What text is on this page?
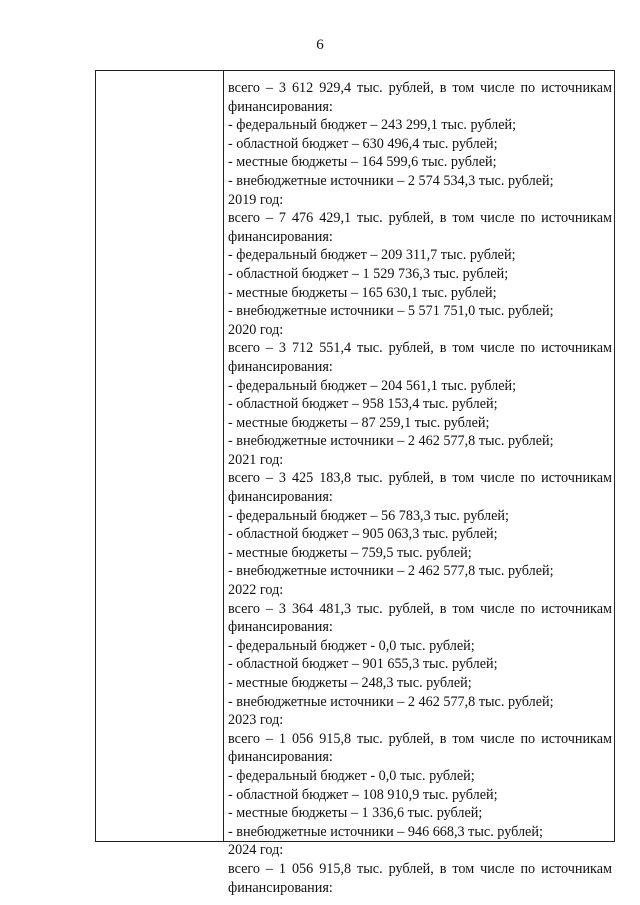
6
всего – 3 612 929,4 тыс. рублей, в том числе по источникам
финансирования:
- федеральный бюджет – 243 299,1 тыс. рублей;
- областной бюджет – 630 496,4 тыс. рублей;
- местные бюджеты – 164 599,6 тыс. рублей;
- внебюджетные источники – 2 574 534,3 тыс. рублей;
2019 год:
всего – 7 476 429,1 тыс. рублей, в том числе по источникам
финансирования:
- федеральный бюджет – 209 311,7 тыс. рублей;
- областной бюджет – 1 529 736,3 тыс. рублей;
- местные бюджеты – 165 630,1 тыс. рублей;
- внебюджетные источники – 5 571 751,0 тыс. рублей;
2020 год:
всего – 3 712 551,4 тыс. рублей, в том числе по источникам
финансирования:
- федеральный бюджет – 204 561,1 тыс. рублей;
- областной бюджет – 958 153,4 тыс. рублей;
- местные бюджеты – 87 259,1 тыс. рублей;
- внебюджетные источники – 2 462 577,8 тыс. рублей;
2021 год:
всего – 3 425 183,8 тыс. рублей, в том числе по источникам
финансирования:
- федеральный бюджет – 56 783,3 тыс. рублей;
- областной бюджет – 905 063,3 тыс. рублей;
- местные бюджеты – 759,5 тыс. рублей;
- внебюджетные источники – 2 462 577,8 тыс. рублей;
2022 год:
всего – 3 364 481,3 тыс. рублей, в том числе по источникам
финансирования:
- федеральный бюджет - 0,0 тыс. рублей;
- областной бюджет – 901 655,3 тыс. рублей;
- местные бюджеты – 248,3 тыс. рублей;
- внебюджетные источники – 2 462 577,8 тыс. рублей;
2023 год:
всего – 1 056 915,8 тыс. рублей, в том числе по источникам
финансирования:
- федеральный бюджет - 0,0 тыс. рублей;
- областной бюджет – 108 910,9 тыс. рублей;
- местные бюджеты – 1 336,6 тыс. рублей;
- внебюджетные источники – 946 668,3 тыс. рублей;
2024 год:
всего – 1 056 915,8 тыс. рублей, в том числе по источникам
финансирования:
